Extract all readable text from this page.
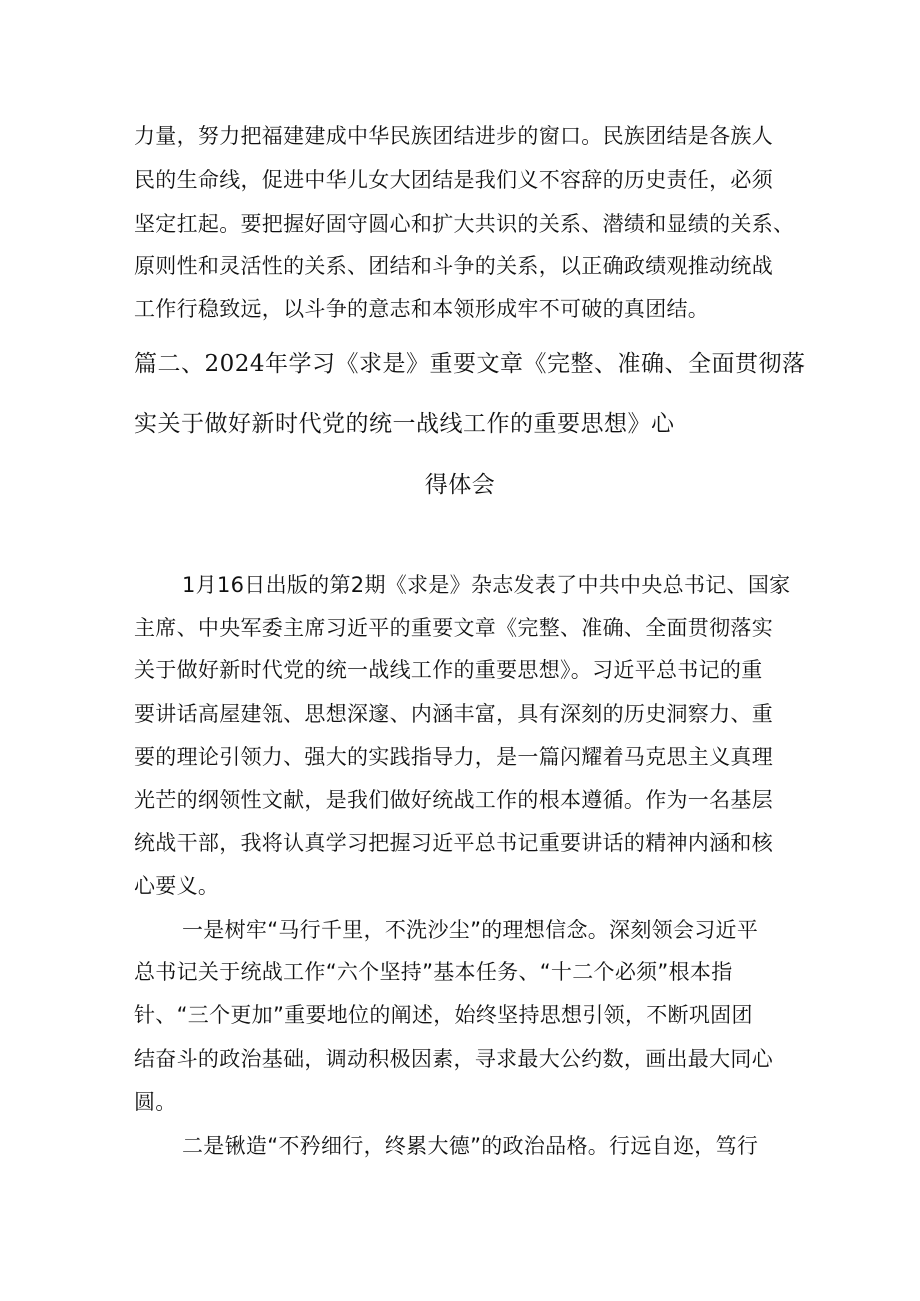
力量，努力把福建建成中华民族团结进步的窗口。民族团结是各族人
民的生命线，促进中华儿女大团结是我们义不容辞的历史责任，必须
坚定扛起。要把握好固守圆心和扩大共识的关系、潜绩和显绩的关系、
原则性和灵活性的关系、团结和斗争的关系，以正确政绩观推动统战
工作行稳致远，以斗争的意志和本领形成牢不可破的真团结。
篇二、2024年学习《求是》重要文章《完整、准确、全面贯彻落
实关于做好新时代党的统一战线工作的重要思想》心
得体会
1月16日出版的第2期《求是》杂志发表了中共中央总书记、国家
主席、中央军委主席习近平的重要文章《完整、准确、全面贯彻落实
关于做好新时代党的统一战线工作的重要思想》。习近平总书记的重
要讲话高屋建瓴、思想深邃、内涵丰富，具有深刻的历史洞察力、重
要的理论引领力、强大的实践指导力，是一篇闪耀着马克思主义真理
光芒的纲领性文献，是我们做好统战工作的根本遵循。作为一名基层
统战干部，我将认真学习把握习近平总书记重要讲话的精神内涵和核
心要义。
一是树牢“马行千里，不洗沙尘”的理想信念。深刻领会习近平
总书记关于统战工作“六个坚持”基本任务、“十二个必须”根本指
针、“三个更加”重要地位的阐述，始终坚持思想引领，不断巩固团
结奋斗的政治基础，调动积极因素，寻求最大公约数，画出最大同心
圆。
二是锹造“不矜细行，终累大德”的政治品格。行远自迩，笃行
